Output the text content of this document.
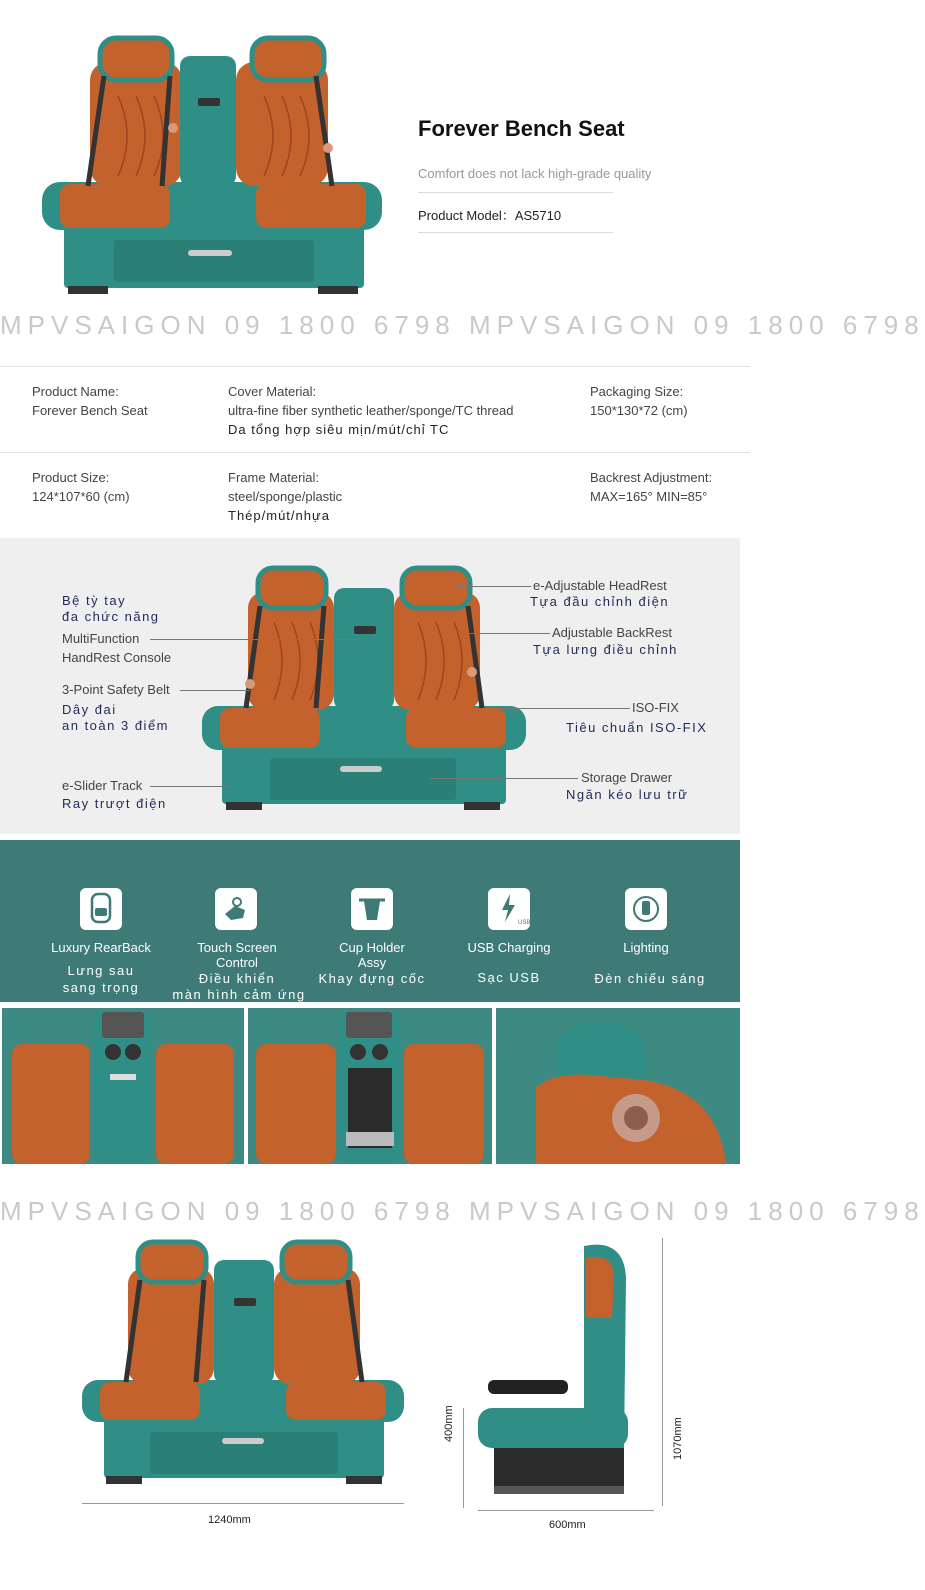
Forever Bench Seat
Comfort does not lack high-grade quality
Product Model：AS5710
MPVSAIGON 09 1800 6798 MPVSAIGON 09 1800 6798
Product Name:
Forever Bench Seat
Cover Material:
ultra-fine fiber synthetic leather/sponge/TC thread
Da tổng hợp siêu mịn/mút/chỉ TC
Packaging Size:
150*130*72 (cm)
Product Size:
124*107*60 (cm)
Frame Material:
steel/sponge/plastic
Thép/mút/nhựa
Backrest Adjustment:
MAX=165° MIN=85°
Bệ tỳ tay
đa chức năng
MultiFunction
HandRest Console
3-Point Safety Belt
Dây đai
an toàn 3 điểm
e-Slider Track
Ray trượt điện
e-Adjustable HeadRest
Tựa đầu chỉnh điện
Adjustable BackRest
Tựa lưng điều chỉnh
ISO-FIX
Tiêu chuẩn ISO-FIX
Storage Drawer
Ngăn kéo lưu trữ
Luxury RearBack
Lưng sau
sang trọng
Touch Screen
Control
Điều khiển
màn hình cảm ứng
Cup Holder
Assy
Khay đựng cốc
USB
USB Charging
Sạc USB
Lighting
Đèn chiếu sáng
MPVSAIGON 09 1800 6798 MPVSAIGON 09 1800 6798
1240mm
400mm	1070mm
600mm
